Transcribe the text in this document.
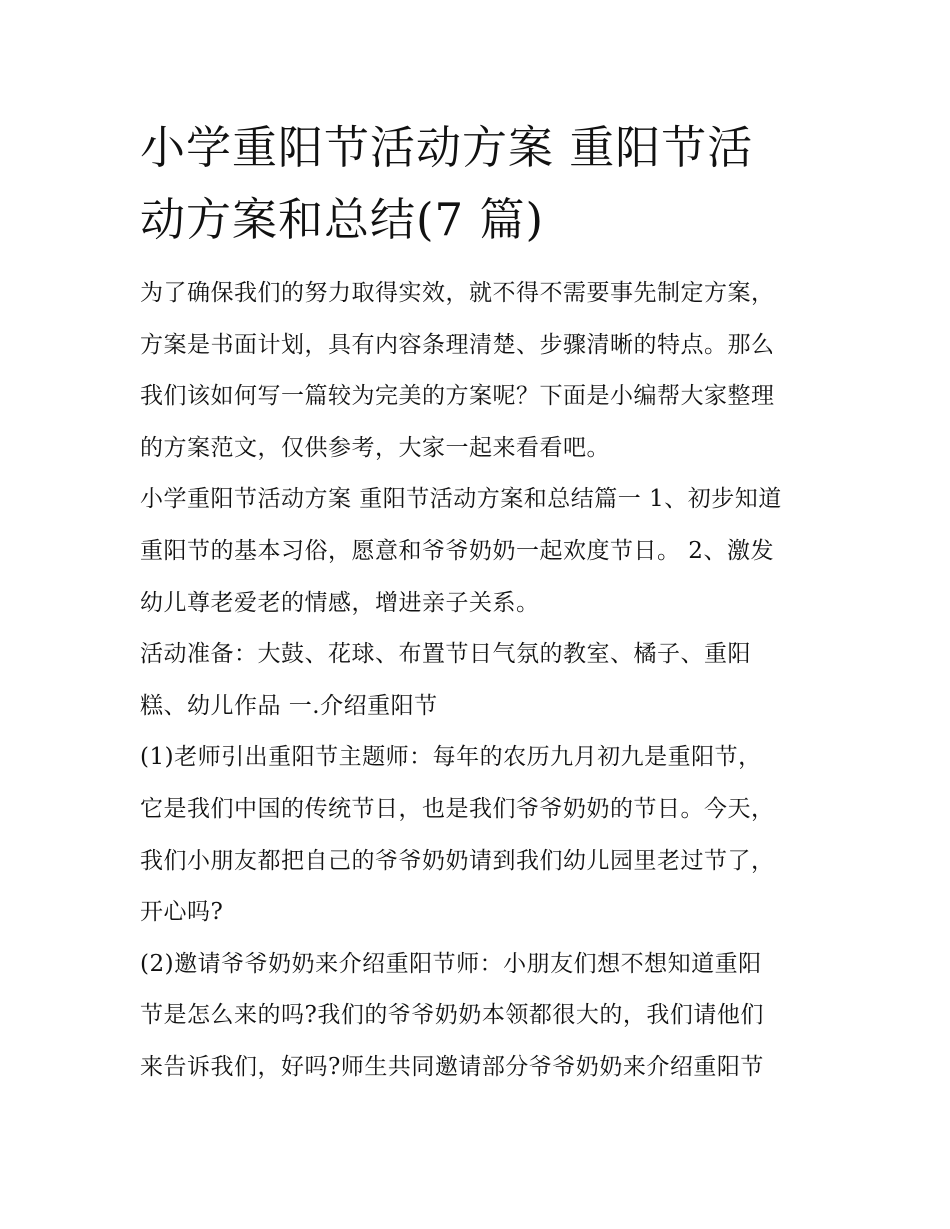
小学重阳节活动方案 重阳节活
动方案和总结(7 篇)
为了确保我们的努力取得实效，就不得不需要事先制定方案，
方案是书面计划，具有内容条理清楚、步骤清晰的特点。那么
我们该如何写一篇较为完美的方案呢？下面是小编帮大家整理
的方案范文，仅供参考，大家一起来看看吧。
小学重阳节活动方案 重阳节活动方案和总结篇一 1、初步知道
重阳节的基本习俗，愿意和爷爷奶奶一起欢度节日。 2、激发
幼儿尊老爱老的情感，增进亲子关系。
活动准备：大鼓、花球、布置节日气氛的教室、橘子、重阳
糕、幼儿作品 一.介绍重阳节
(1)老师引出重阳节主题师：每年的农历九月初九是重阳节，
它是我们中国的传统节日，也是我们爷爷奶奶的节日。今天，
我们小朋友都把自己的爷爷奶奶请到我们幼儿园里老过节了，
开心吗?
(2)邀请爷爷奶奶来介绍重阳节师：小朋友们想不想知道重阳
节是怎么来的吗?我们的爷爷奶奶本领都很大的，我们请他们
来告诉我们，好吗?师生共同邀请部分爷爷奶奶来介绍重阳节
